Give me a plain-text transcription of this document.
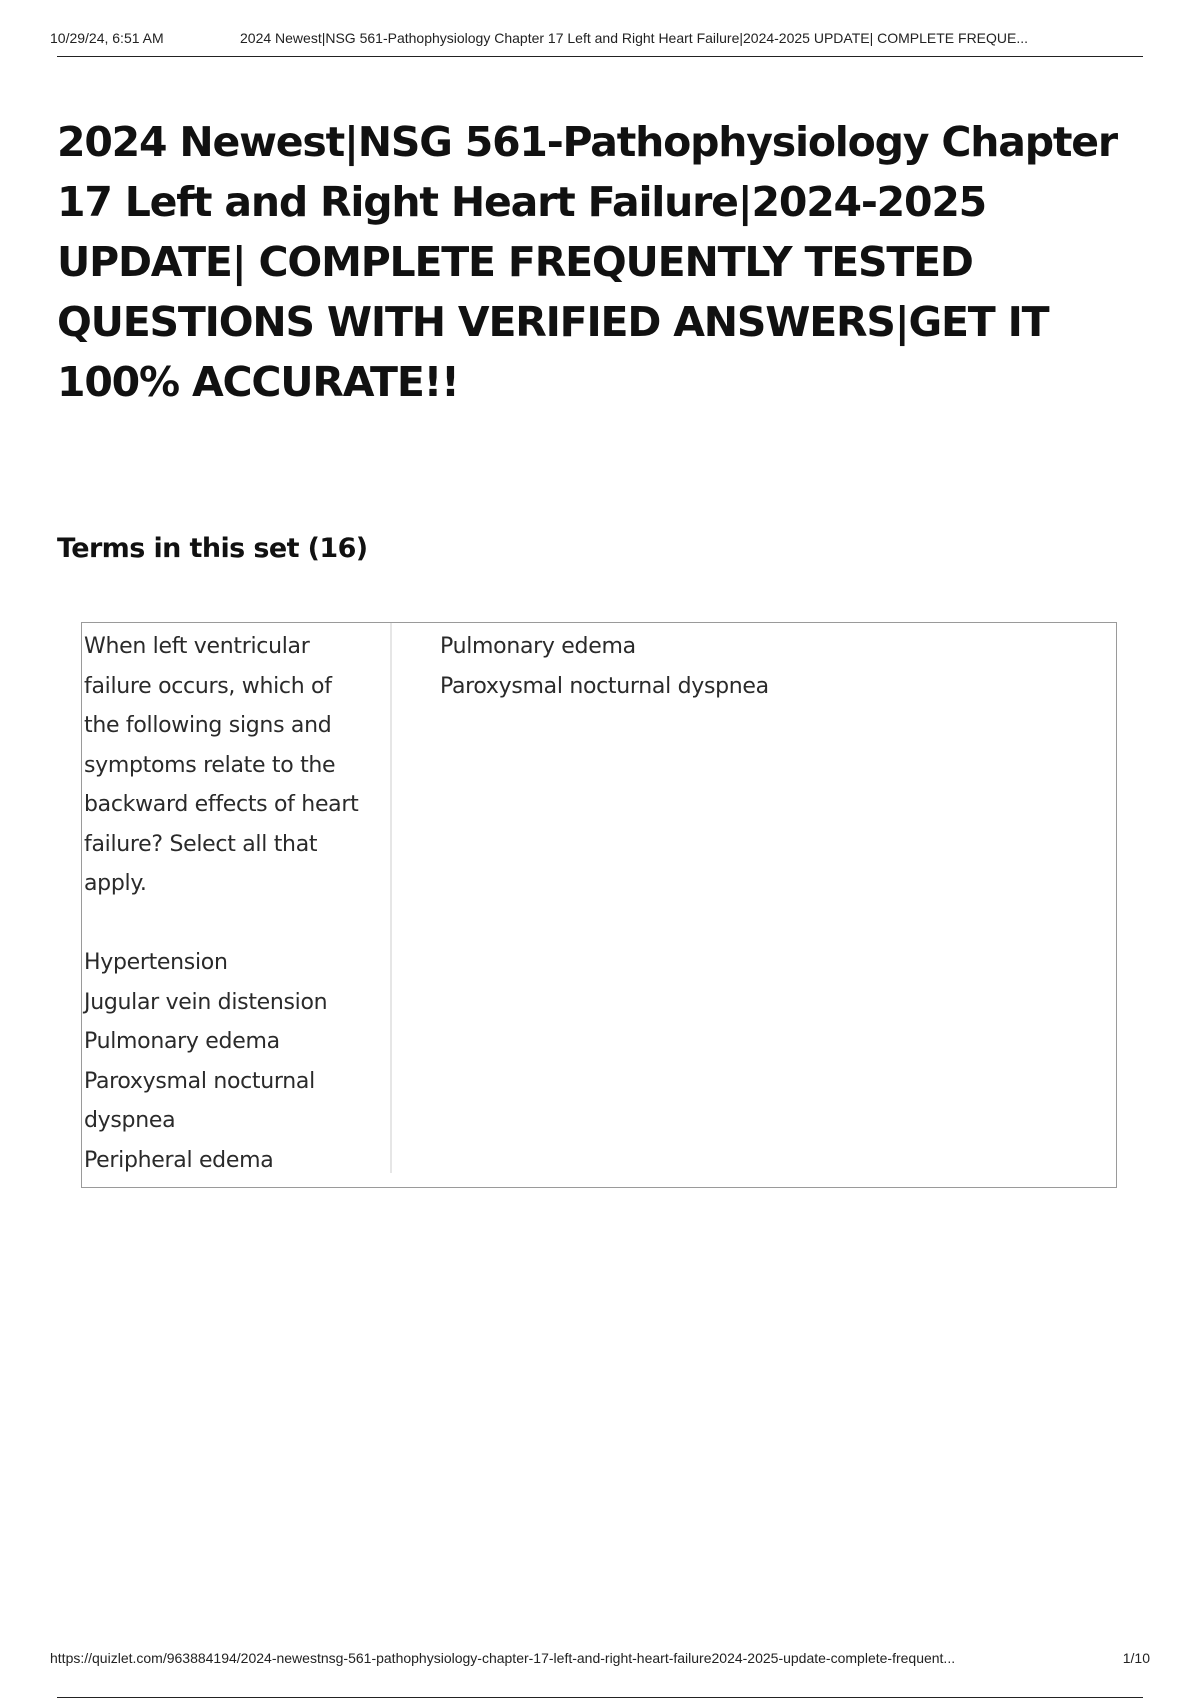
10/29/24, 6:51 AM	2024 Newest|NSG 561-Pathophysiology Chapter 17 Left and Right Heart Failure|2024-2025 UPDATE| COMPLETE FREQUE...
2024 Newest|NSG 561-Pathophysiology Chapter 17 Left and Right Heart Failure|2024-2025 UPDATE| COMPLETE FREQUENTLY TESTED QUESTIONS WITH VERIFIED ANSWERS|GET IT 100% ACCURATE!!
Terms in this set (16)
When left ventricular
failure occurs, which of
the following signs and
symptoms relate to the
backward effects of heart
failure? Select all that
apply.
Hypertension
Jugular vein distension
Pulmonary edema
Paroxysmal nocturnal
dyspnea
Peripheral edema
Pulmonary edema
Paroxysmal nocturnal dyspnea
https://quizlet.com/963884194/2024-newestnsg-561-pathophysiology-chapter-17-left-and-right-heart-failure2024-2025-update-complete-frequent...	1/10
